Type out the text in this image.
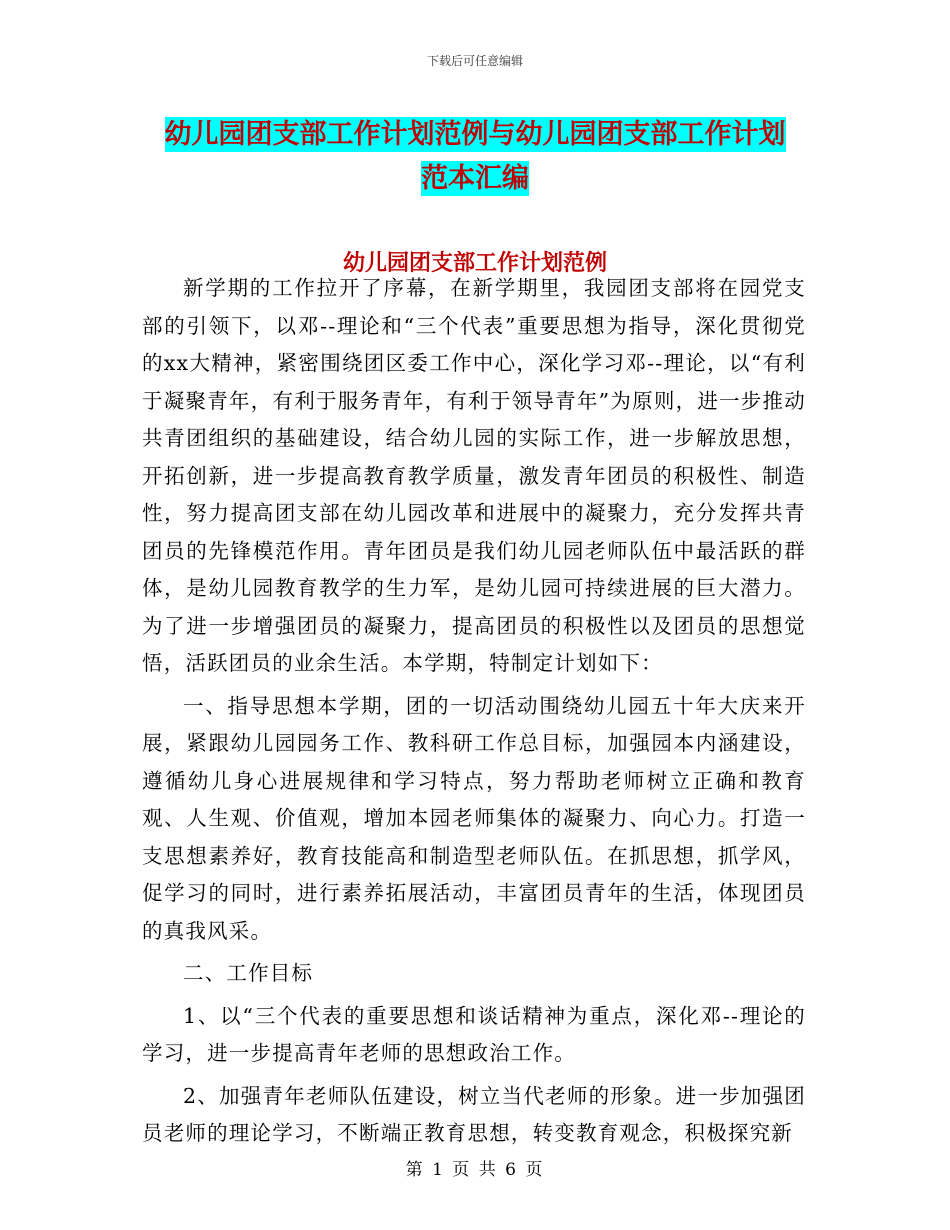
下载后可任意编辑
幼儿园团支部工作计划范例与幼儿园团支部工作计划
范本汇编
幼儿园团支部工作计划范例

新学期的工作拉开了序幕，在新学期里，我园团支部将在园党支部的引领下，以邓--理论和“三个代表”重要思想为指导，深化贯彻党的xx大精神，紧密围绕团区委工作中心，深化学习邓--理论，以“有利于凝聚青年，有利于服务青年，有利于领导青年”为原则，进一步推动共青团组织的基础建设，结合幼儿园的实际工作，进一步解放思想，开拓创新，进一步提高教育教学质量，激发青年团员的积极性、制造性，努力提高团支部在幼儿园改革和进展中的凝聚力，充分发挥共青团员的先锋模范作用。青年团员是我们幼儿园老师队伍中最活跃的群体，是幼儿园教育教学的生力军，是幼儿园可持续进展的巨大潜力。为了进一步增强团员的凝聚力，提高团员的积极性以及团员的思想觉悟，活跃团员的业余生活。本学期，特制定计划如下：

一、指导思想本学期，团的一切活动围绕幼儿园五十年大庆来开展，紧跟幼儿园园务工作、教科研工作总目标，加强园本内涵建设，遵循幼儿身心进展规律和学习特点，努力帮助老师树立正确和教育观、人生观、价值观，增加本园老师集体的凝聚力、向心力。打造一支思想素养好，教育技能高和制造型老师队伍。在抓思想，抓学风，促学习的同时，进行素养拓展活动，丰富团员青年的生活，体现团员的真我风采。

二、工作目标

1、以“三个代表的重要思想和谈话精神为重点，深化邓--理论的学习，进一步提高青年老师的思想政治工作。

2、加强青年老师队伍建设，树立当代老师的形象。进一步加强团员老师的理论学习，不断端正教育思想，转变教育观念，积极探究新

第 1 页 共 6 页
